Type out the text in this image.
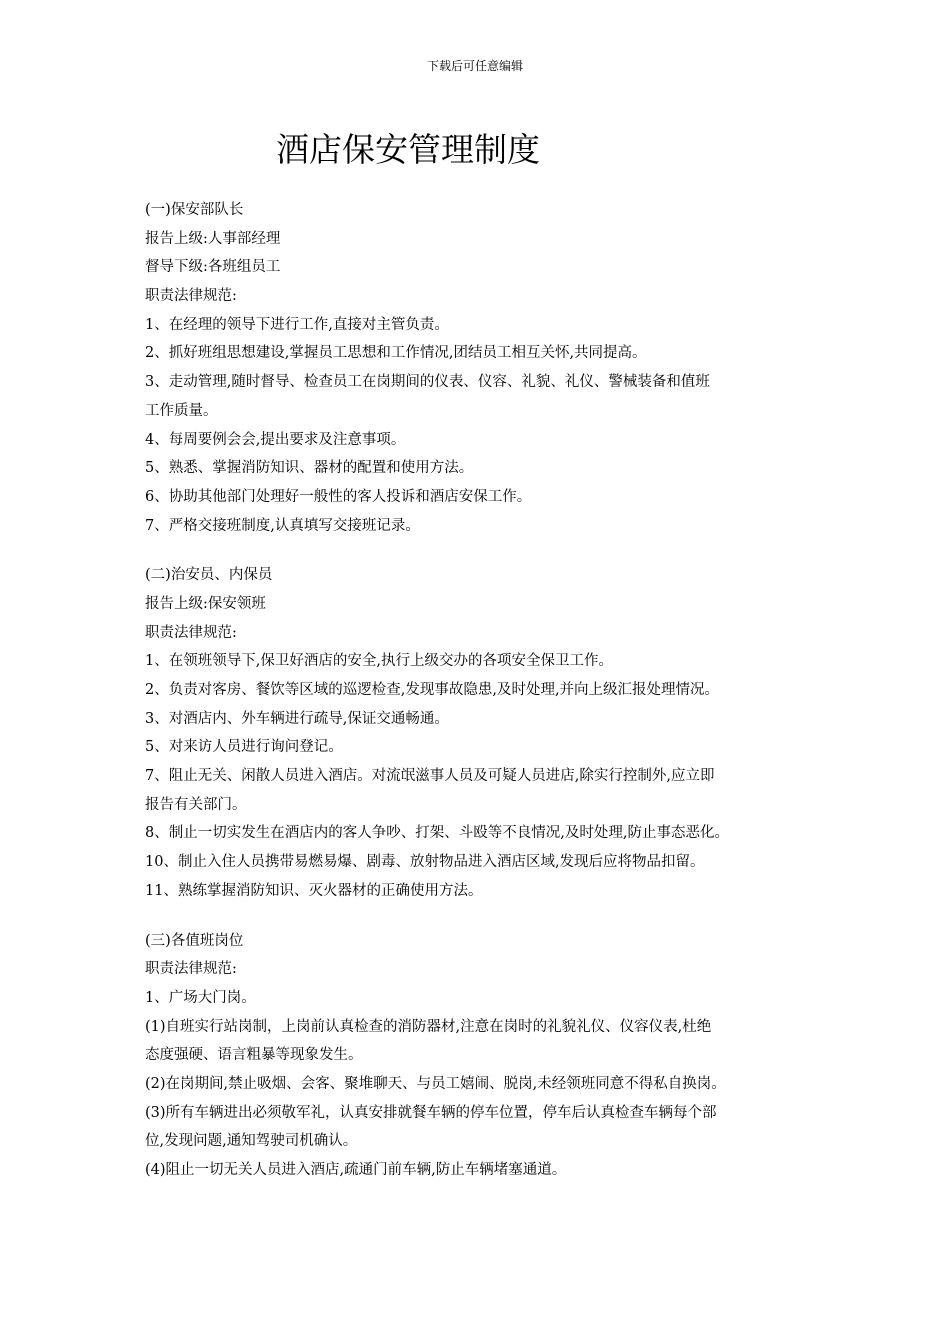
下载后可任意编辑
酒店保安管理制度
(一)保安部队长
报告上级:人事部经理
督导下级:各班组员工
职责法律规范:
1、在经理的领导下进行工作,直接对主管负责。
2、抓好班组思想建设,掌握员工思想和工作情况,团结员工相互关怀,共同提高。
3、走动管理,随时督导、检查员工在岗期间的仪表、仪容、礼貌、礼仪、警械装备和值班
工作质量。
4、每周要例会会,提出要求及注意事项。
5、熟悉、掌握消防知识、器材的配置和使用方法。
6、协助其他部门处理好一般性的客人投诉和酒店安保工作。
7、严格交接班制度,认真填写交接班记录。
(二)治安员、内保员
报告上级:保安领班
职责法律规范:
1、在领班领导下,保卫好酒店的安全,执行上级交办的各项安全保卫工作。
2、负责对客房、餐饮等区域的巡逻检查,发现事故隐患,及时处理,并向上级汇报处理情况。
3、对酒店内、外车辆进行疏导,保证交通畅通。
5、对来访人员进行询问登记。
7、阻止无关、闲散人员进入酒店。对流氓滋事人员及可疑人员进店,除实行控制外,应立即
报告有关部门。
8、制止一切实发生在酒店内的客人争吵、打架、斗殴等不良情况,及时处理,防止事态恶化。
10、制止入住人员携带易燃易爆、剧毒、放射物品进入酒店区域,发现后应将物品扣留。
11、熟练掌握消防知识、灭火器材的正确使用方法。
(三)各值班岗位
职责法律规范:
1、广场大门岗。
(1)自班实行站岗制，上岗前认真检查的消防器材,注意在岗时的礼貌礼仪、仪容仪表,杜绝
态度强硬、语言粗暴等现象发生。
(2)在岗期间,禁止吸烟、会客、聚堆聊天、与员工嬉闹、脱岗,未经领班同意不得私自换岗。
(3)所有车辆进出必须敬军礼，认真安排就餐车辆的停车位置，停车后认真检查车辆每个部
位,发现问题,通知驾驶司机确认。
(4)阻止一切无关人员进入酒店,疏通门前车辆,防止车辆堵塞通道。
